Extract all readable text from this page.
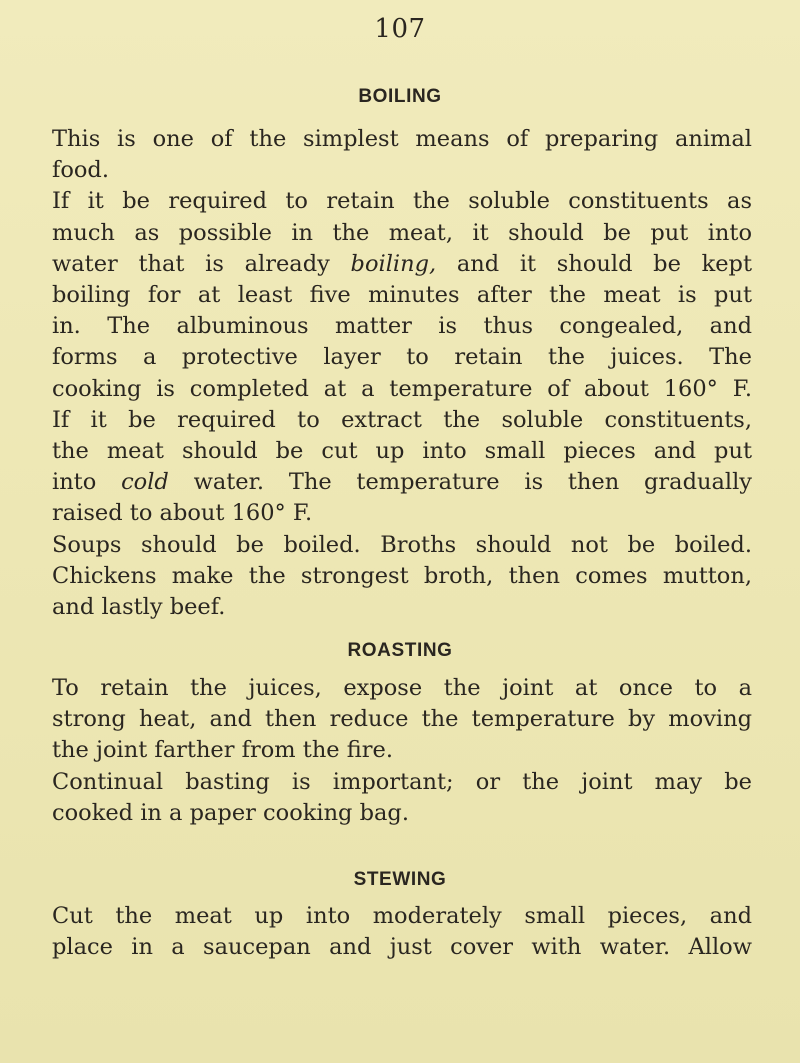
107
BOILING
This is one of the simplest means of preparing animal
food.
If it be required to retain the soluble constituents as
much as possible in the meat, it should be put into
water that is already boiling, and it should be kept
boiling for at least five minutes after the meat is put
in. The albuminous matter is thus congealed, and
forms a protective layer to retain the juices. The
cooking is completed at a temperature of about 160° F.
If it be required to extract the soluble constituents,
the meat should be cut up into small pieces and put
into cold water. The temperature is then gradually
raised to about 160° F.
Soups should be boiled. Broths should not be boiled.
Chickens make the strongest broth, then comes mutton,
and lastly beef.
ROASTING
To retain the juices, expose the joint at once to a
strong heat, and then reduce the temperature by moving
the joint farther from the fire.
Continual basting is important; or the joint may be
cooked in a paper cooking bag.
STEWING
Cut the meat up into moderately small pieces, and
place in a saucepan and just cover with water. Allow
